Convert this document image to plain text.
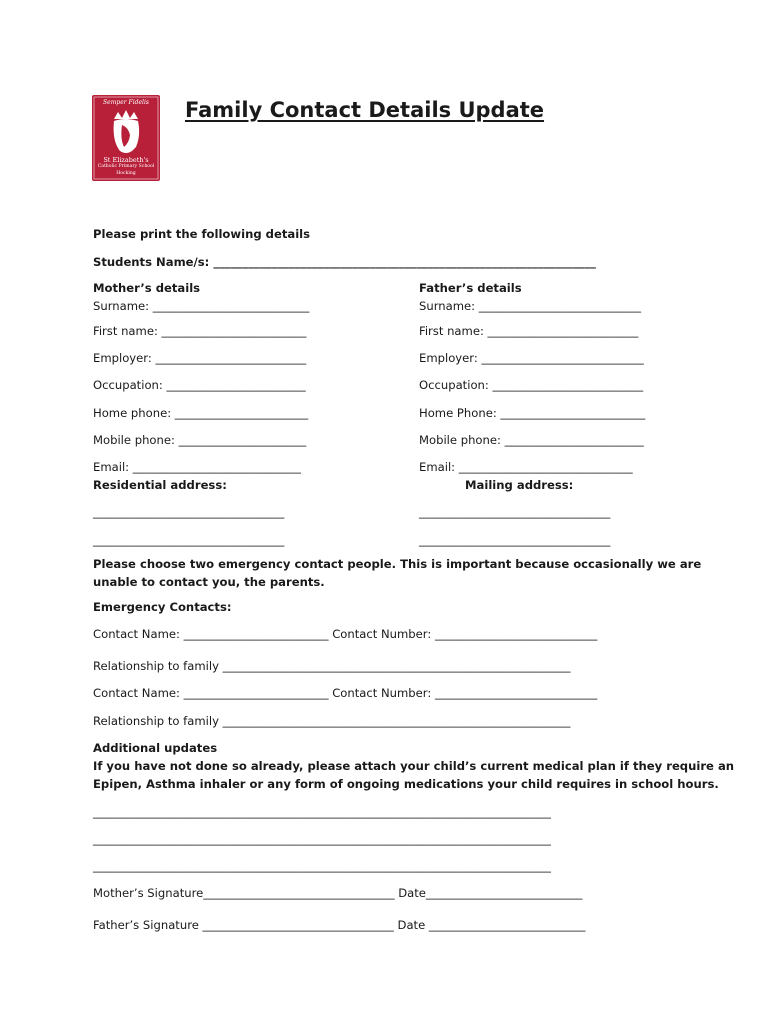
Semper Fidelis
St Elizabeth's
Catholic Primary School
Hocking
Family Contact Details Update
Please print the following details
Students Name/s: __________________________________________________________________
Mother’s details
Surname: ___________________________
First name: _________________________
Employer: __________________________
Occupation: ________________________
Home phone: _______________________
Mobile phone: ______________________
Email: _____________________________
Father’s details
Surname: ____________________________
First name: __________________________
Employer: ____________________________
Occupation: __________________________
Home Phone: _________________________
Mobile phone: ________________________
Email: ______________________________
Residential address:	Mailing address:
_________________________________
_________________________________
_________________________________
_________________________________
Please choose two emergency contact people. This is important because occasionally we are
unable to contact you, the parents.
Emergency Contacts:
Contact Name: _________________________ Contact Number: ____________________________
Relationship to family ____________________________________________________________
Contact Name: _________________________ Contact Number: ____________________________
Relationship to family ____________________________________________________________
Additional updates
If you have not done so already, please attach your child’s current medical plan if they require an
Epipen, Asthma inhaler or any form of ongoing medications your child requires in school hours.
_______________________________________________________________________________
_______________________________________________________________________________
_______________________________________________________________________________
Mother’s Signature_________________________________ Date___________________________
Father’s Signature _________________________________ Date ___________________________
